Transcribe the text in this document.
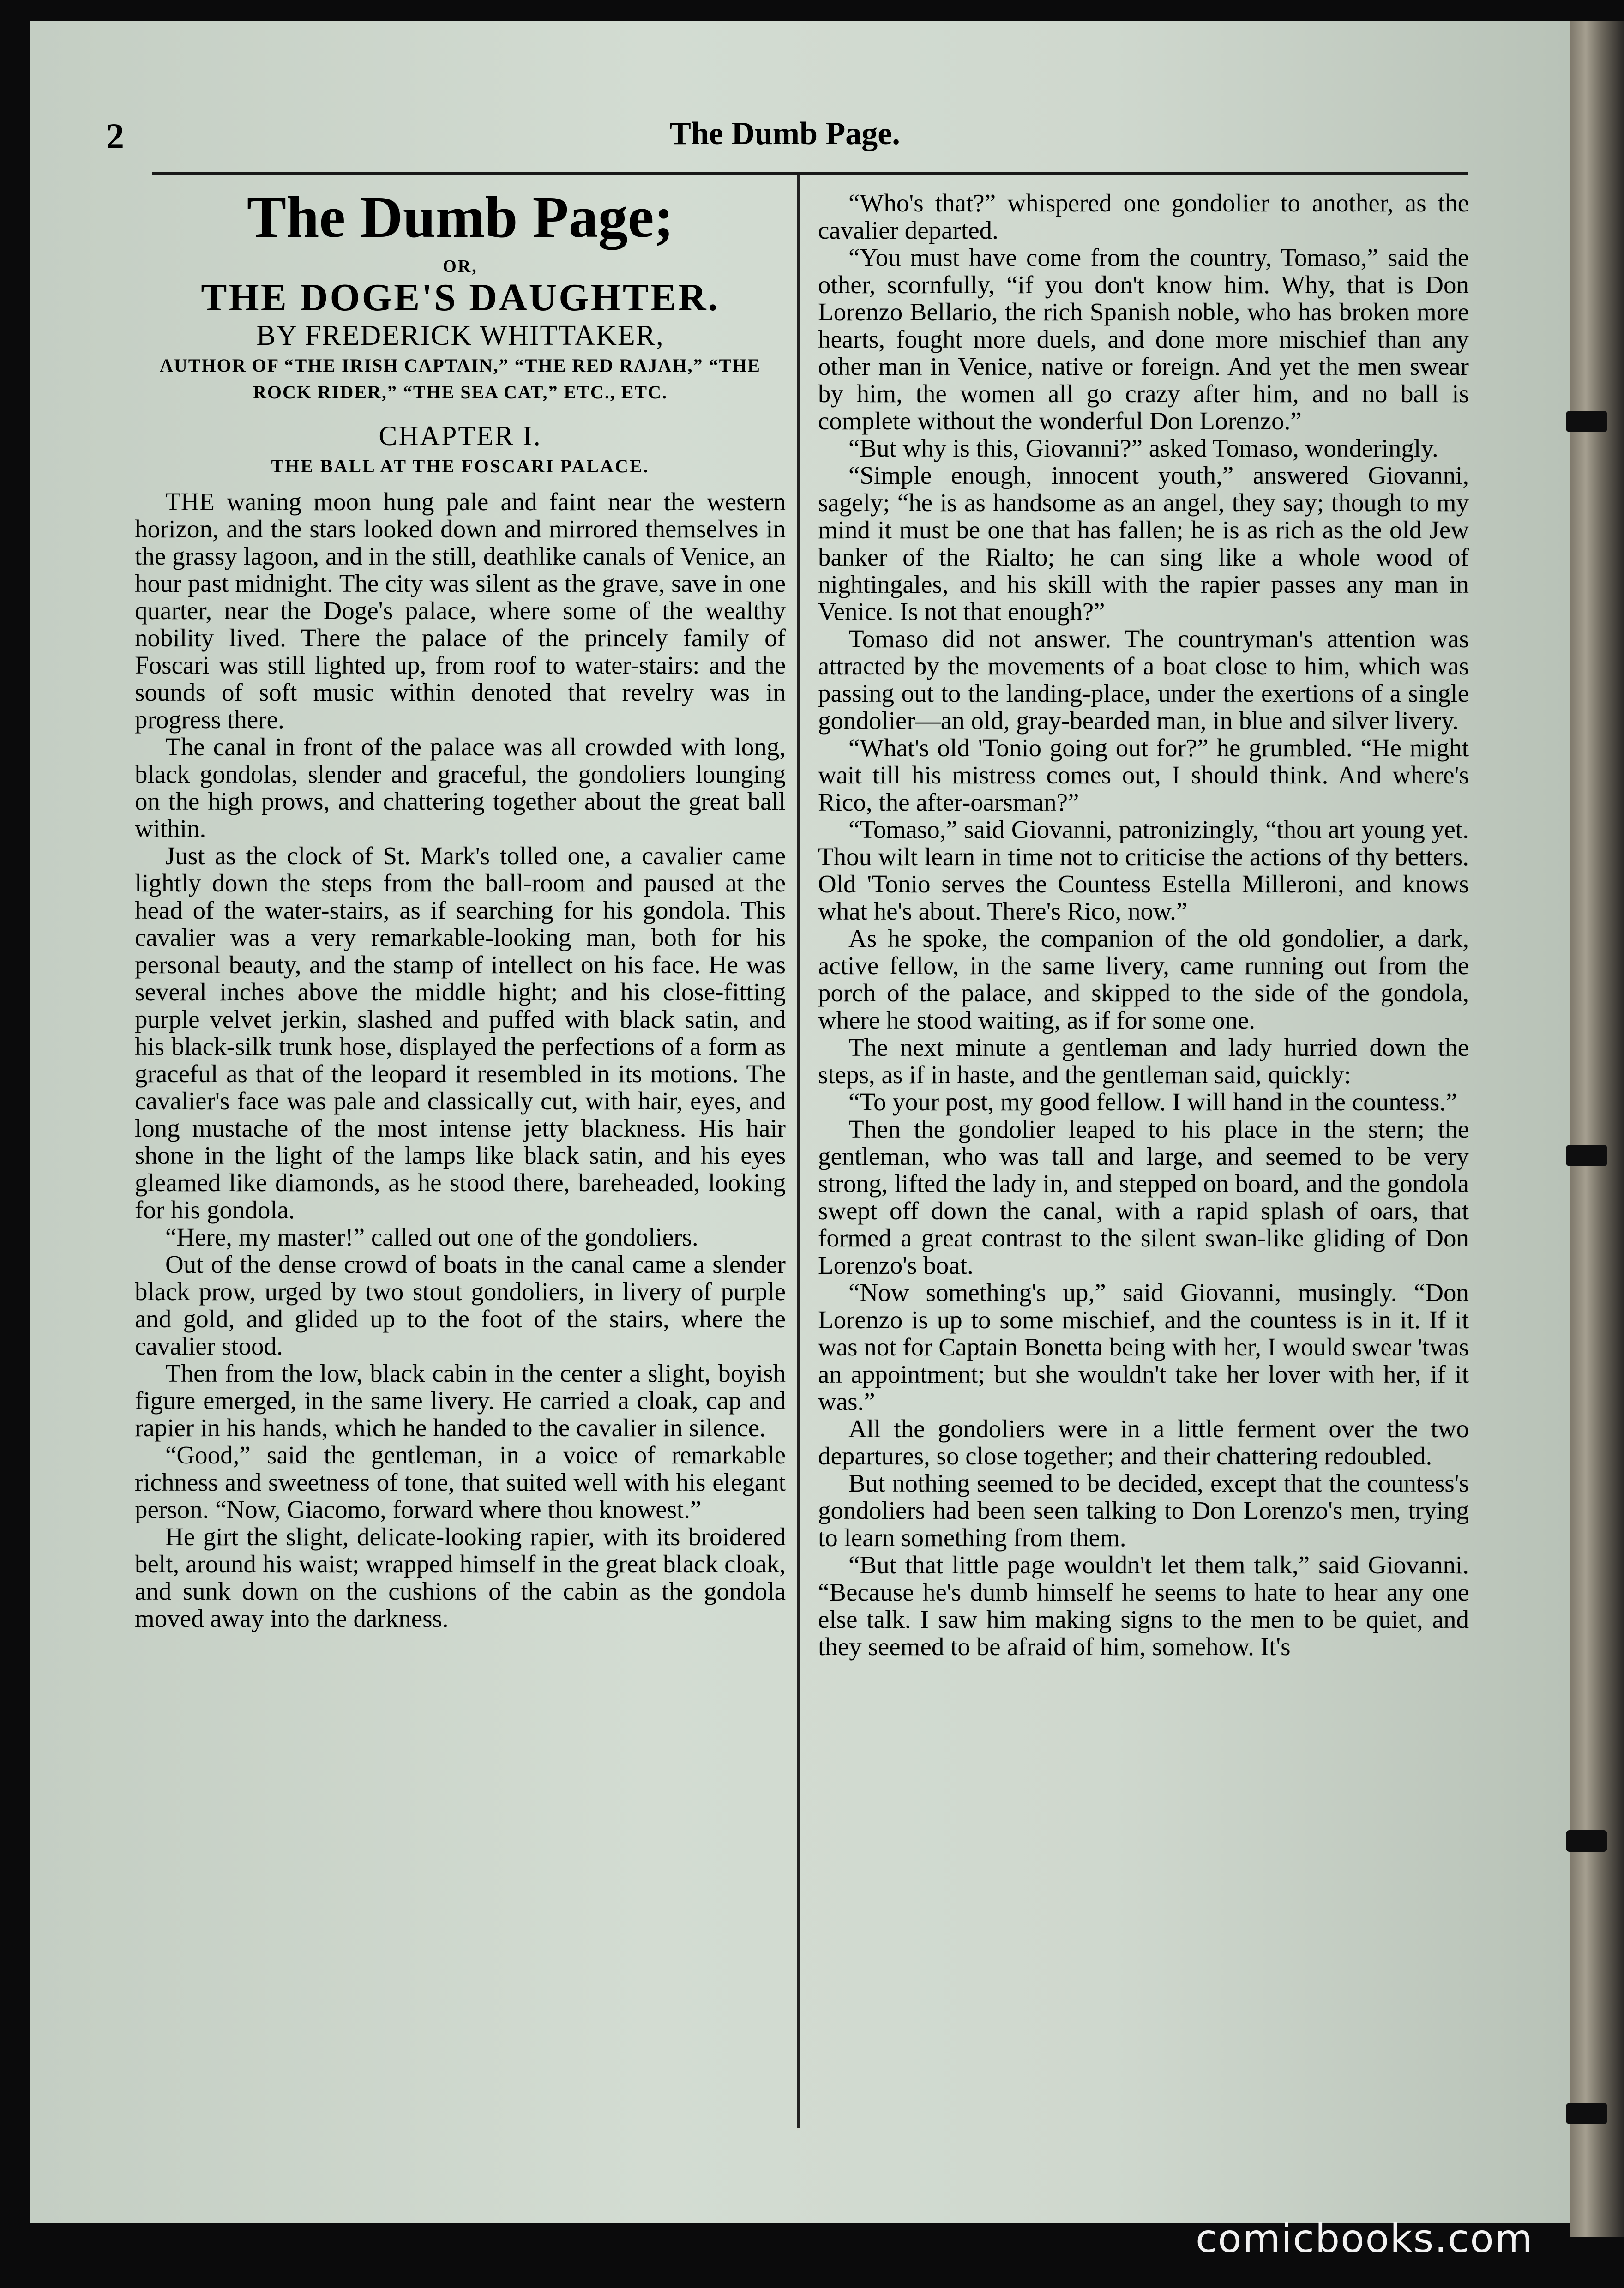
2	The Dumb Page.
The Dumb Page;
OR,
THE DOGE'S DAUGHTER.
BY FREDERICK WHITTAKER,
AUTHOR OF “THE IRISH CAPTAIN,” “THE RED RAJAH,” “THE ROCK RIDER,” “THE SEA CAT,” ETC., ETC.
CHAPTER I.
THE BALL AT THE FOSCARI PALACE.

THE waning moon hung pale and faint near the western horizon, and the stars looked down and mirrored themselves in the grassy lagoon, and in the still, deathlike canals of Venice, an hour past midnight. The city was silent as the grave, save in one quarter, near the Doge's palace, where some of the wealthy nobility lived. There the palace of the princely family of Foscari was still lighted up, from roof to water-stairs: and the sounds of soft music within denoted that revelry was in progress there.

The canal in front of the palace was all crowded with long, black gondolas, slender and graceful, the gondoliers lounging on the high prows, and chattering together about the great ball within.

Just as the clock of St. Mark's tolled one, a cavalier came lightly down the steps from the ball-room and paused at the head of the water-stairs, as if searching for his gondola. This cavalier was a very remarkable-looking man, both for his personal beauty, and the stamp of intellect on his face. He was several inches above the middle hight; and his close-fitting purple velvet jerkin, slashed and puffed with black satin, and his black-silk trunk hose, displayed the perfections of a form as graceful as that of the leopard it resembled in its motions. The cavalier's face was pale and classically cut, with hair, eyes, and long mustache of the most intense jetty blackness. His hair shone in the light of the lamps like black satin, and his eyes gleamed like diamonds, as he stood there, bareheaded, looking for his gondola.

“Here, my master!” called out one of the gondoliers.

Out of the dense crowd of boats in the canal came a slender black prow, urged by two stout gondoliers, in livery of purple and gold, and glided up to the foot of the stairs, where the cavalier stood.

Then from the low, black cabin in the center a slight, boyish figure emerged, in the same livery. He carried a cloak, cap and rapier in his hands, which he handed to the cavalier in silence.

“Good,” said the gentleman, in a voice of remarkable richness and sweetness of tone, that suited well with his elegant person. “Now, Giacomo, forward where thou knowest.”

He girt the slight, delicate-looking rapier, with its broidered belt, around his waist; wrapped himself in the great black cloak, and sunk down on the cushions of the cabin as the gondola moved away into the darkness.

“Who's that?” whispered one gondolier to another, as the cavalier departed.

“You must have come from the country, Tomaso,” said the other, scornfully, “if you don't know him. Why, that is Don Lorenzo Bellario, the rich Spanish noble, who has broken more hearts, fought more duels, and done more mischief than any other man in Venice, native or foreign. And yet the men swear by him, the women all go crazy after him, and no ball is complete without the wonderful Don Lorenzo.”

“But why is this, Giovanni?” asked Tomaso, wonderingly.

“Simple enough, innocent youth,” answered Giovanni, sagely; “he is as handsome as an angel, they say; though to my mind it must be one that has fallen; he is as rich as the old Jew banker of the Rialto; he can sing like a whole wood of nightingales, and his skill with the rapier passes any man in Venice. Is not that enough?”

Tomaso did not answer. The countryman's attention was attracted by the movements of a boat close to him, which was passing out to the landing-place, under the exertions of a single gondolier—an old, gray-bearded man, in blue and silver livery.

“What's old 'Tonio going out for?” he grumbled. “He might wait till his mistress comes out, I should think. And where's Rico, the after-oarsman?”

“Tomaso,” said Giovanni, patronizingly, “thou art young yet. Thou wilt learn in time not to criticise the actions of thy betters. Old 'Tonio serves the Countess Estella Milleroni, and knows what he's about. There's Rico, now.”

As he spoke, the companion of the old gondolier, a dark, active fellow, in the same livery, came running out from the porch of the palace, and skipped to the side of the gondola, where he stood waiting, as if for some one.

The next minute a gentleman and lady hurried down the steps, as if in haste, and the gentleman said, quickly:

“To your post, my good fellow. I will hand in the countess.”

Then the gondolier leaped to his place in the stern; the gentleman, who was tall and large, and seemed to be very strong, lifted the lady in, and stepped on board, and the gondola swept off down the canal, with a rapid splash of oars, that formed a great contrast to the silent swan-like gliding of Don Lorenzo's boat.

“Now something's up,” said Giovanni, musingly. “Don Lorenzo is up to some mischief, and the countess is in it. If it was not for Captain Bonetta being with her, I would swear 'twas an appointment; but she wouldn't take her lover with her, if it was.”

All the gondoliers were in a little ferment over the two departures, so close together; and their chattering redoubled.

But nothing seemed to be decided, except that the countess's gondoliers had been seen talking to Don Lorenzo's men, trying to learn something from them.

“But that little page wouldn't let them talk,” said Giovanni. “Because he's dumb himself he seems to hate to hear any one else talk. I saw him making signs to the men to be quiet, and they seemed to be afraid of him, somehow. It's

comicbooks.com
